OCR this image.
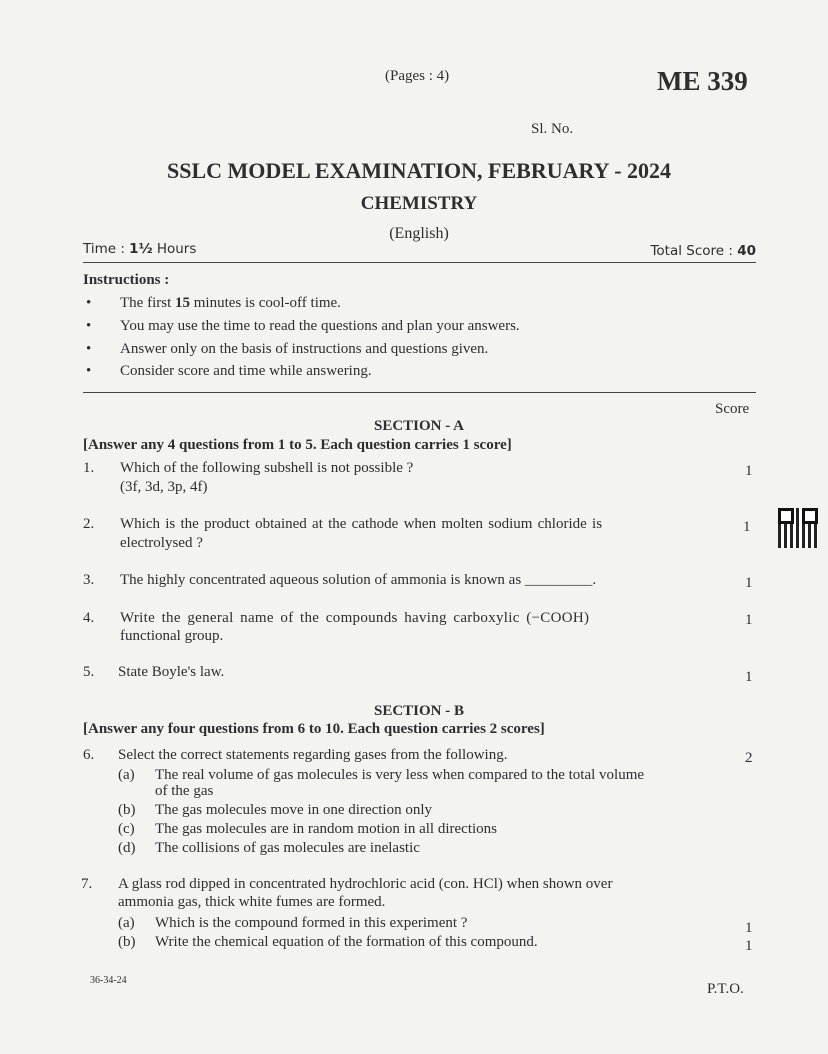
(Pages : 4)	ME 339
Sl. No.
SSLC MODEL EXAMINATION, FEBRUARY - 2024
CHEMISTRY
(English)
Time : 1½ Hours	Total Score : 40
Instructions :
• The first 15 minutes is cool-off time.
• You may use the time to read the questions and plan your answers.
• Answer only on the basis of instructions and questions given.
• Consider score and time while answering.
Score
SECTION - A
[Answer any 4 questions from 1 to 5. Each question carries 1 score]
1. Which of the following subshell is not possible ?
(3f, 3d, 3p, 4f)
1
2. Which is the product obtained at the cathode when molten sodium chloride is
electrolysed ?
1
3. The highly concentrated aqueous solution of ammonia is known as _________.	1
4. Write the general name of the compounds having carboxylic (−COOH)
functional group.
1
5. State Boyle's law.	1
SECTION - B
[Answer any four questions from 6 to 10. Each question carries 2 scores]
6. Select the correct statements regarding gases from the following.	2
(a) The real volume of gas molecules is very less when compared to the total volume
of the gas
(b) The gas molecules move in one direction only
(c) The gas molecules are in random motion in all directions
(d) The collisions of gas molecules are inelastic
7. A glass rod dipped in concentrated hydrochloric acid (con. HCl) when shown over
ammonia gas, thick white fumes are formed.
(a) Which is the compound formed in this experiment ?	1
(b) Write the chemical equation of the formation of this compound.	1
36-34-24
P.T.O.
